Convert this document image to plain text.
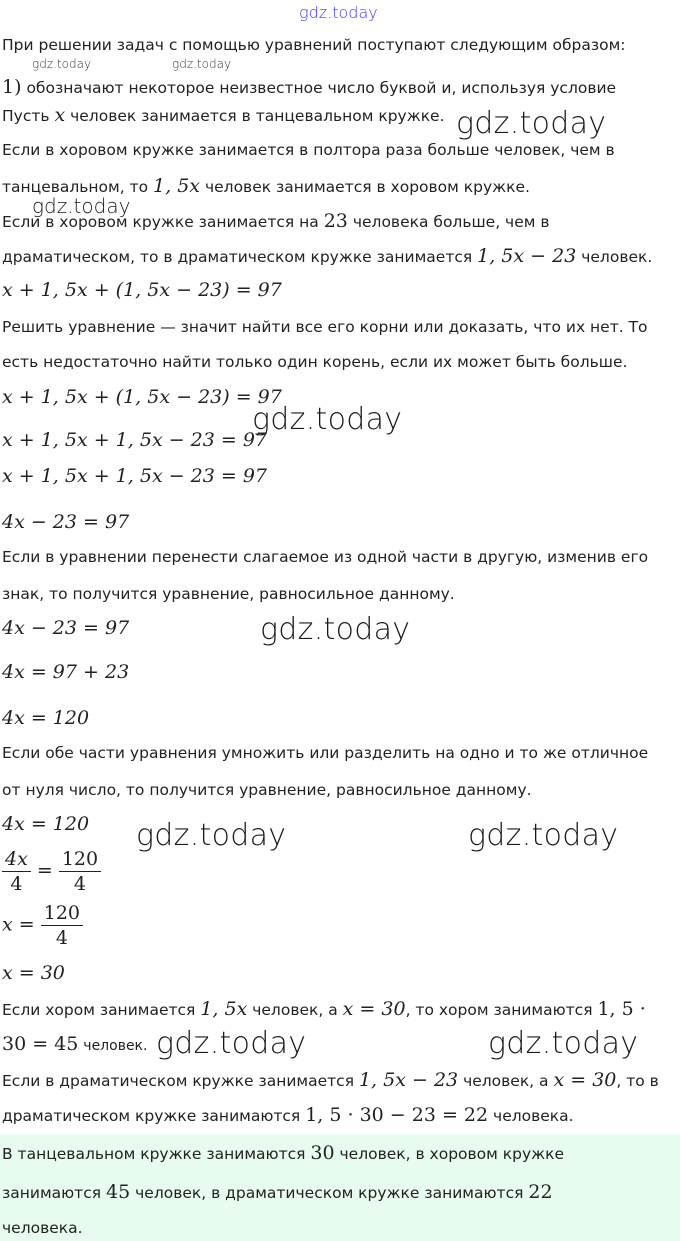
gdz.today
При решении задач с помощью уравнений поступают следующим образом:
gdz.today	gdz.today
1) обозначают некоторое неизвестное число буквой и, используя условие
Пусть x человек занимается в танцевальном кружке. gdz.today
Если в хоровом кружке занимается в полтора раза больше человек, чем в
танцевальном, то 1, 5x человек занимается в хоровом кружке.
gdz.today
Если в хоровом кружке занимается на 23 человека больше, чем в
драматическом, то в драматическом кружке занимается 1, 5x − 23 человек.
x + 1, 5x + (1, 5x − 23) = 97
Решить уравнение — значит найти все его корни или доказать, что их нет. То
есть недостаточно найти только один корень, если их может быть больше.
x + 1, 5x + (1, 5x − 23) = 97
gdz.today
x + 1, 5x + 1, 5x − 23 = 97
x + 1, 5x + 1, 5x − 23 = 97
4x − 23 = 97
Если в уравнении перенести слагаемое из одной части в другую, изменив его
знак, то получится уравнение, равносильное данному.
4x − 23 = 97	gdz.today
4x = 97 + 23
4x = 120
Если обе части уравнения умножить или разделить на одно и то же отличное
от нуля число, то получится уравнение, равносильное данному.
4x = 120 gdz.today	gdz.today
$\frac{4x}{4} = \frac{120}{4}$
$x = \frac{120}{4}$
x = 30
Если хором занимается 1, 5x человек, а x = 30, то хором занимаются 1, 5 ·
30 = 45 человек. gdz.today	gdz.today
Если в драматическом кружке занимается 1, 5x − 23 человек, а x = 30, то в
драматическом кружке занимаются 1, 5 · 30 − 23 = 22 человека.
В танцевальном кружке занимаются 30 человек, в хоровом кружке
занимаются 45 человек, в драматическом кружке занимаются 22
человека.
